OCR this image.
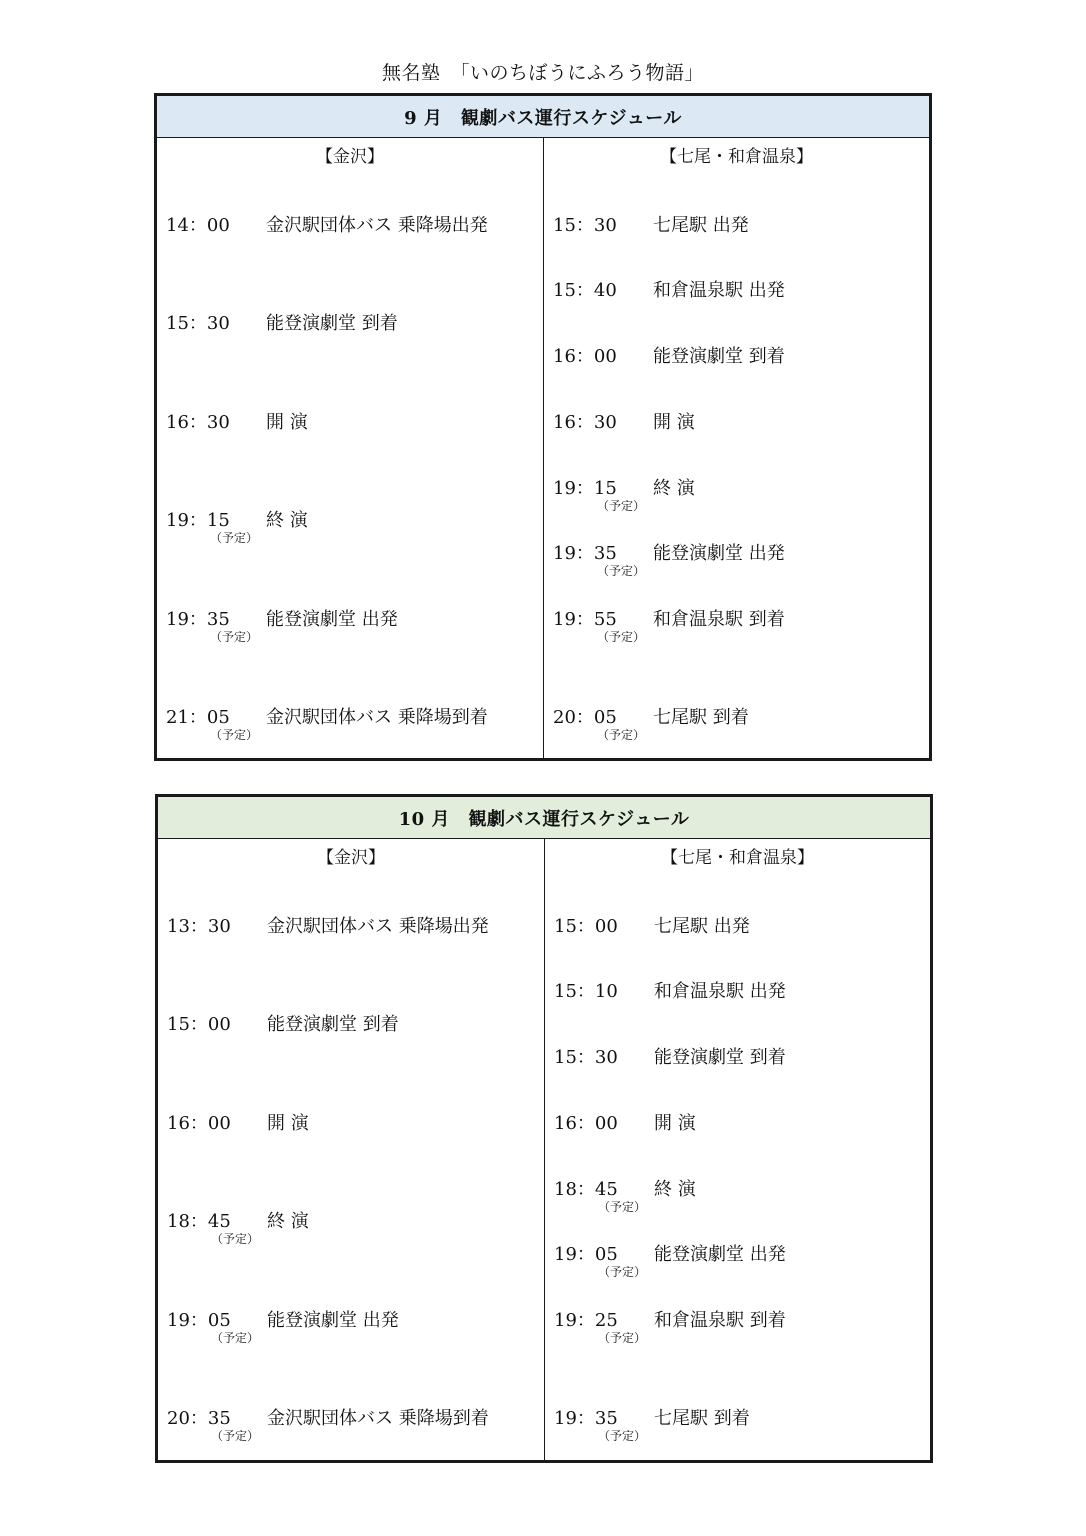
無名塾　「いのちぼうにふろう物語」
9 月　観劇バス運行スケジュール
【金沢】	【七尾・和倉温泉】
14：00 金沢駅団体バス 乗降場出発
15：30 能登演劇堂 到着
16：30 開 演
19：15 終 演
（予定）
19：35 能登演劇堂 出発
（予定）
21：05 金沢駅団体バス 乗降場到着
（予定）
15：30 七尾駅 出発
15：40 和倉温泉駅 出発
16：00 能登演劇堂 到着
16：30 開 演
19：15 終 演
（予定）
19：35 能登演劇堂 出発
（予定）
19：55 和倉温泉駅 到着
（予定）
20：05 七尾駅 到着
（予定）
10 月　観劇バス運行スケジュール
【金沢】	【七尾・和倉温泉】
13：30 金沢駅団体バス 乗降場出発
15：00 能登演劇堂 到着
16：00 開 演
18：45 終 演
（予定）
19：05 能登演劇堂 出発
（予定）
20：35 金沢駅団体バス 乗降場到着
（予定）
15：00 七尾駅 出発
15：10 和倉温泉駅 出発
15：30 能登演劇堂 到着
16：00 開 演
18：45 終 演
（予定）
19：05 能登演劇堂 出発
（予定）
19：25 和倉温泉駅 到着
（予定）
19：35 七尾駅 到着
（予定）
